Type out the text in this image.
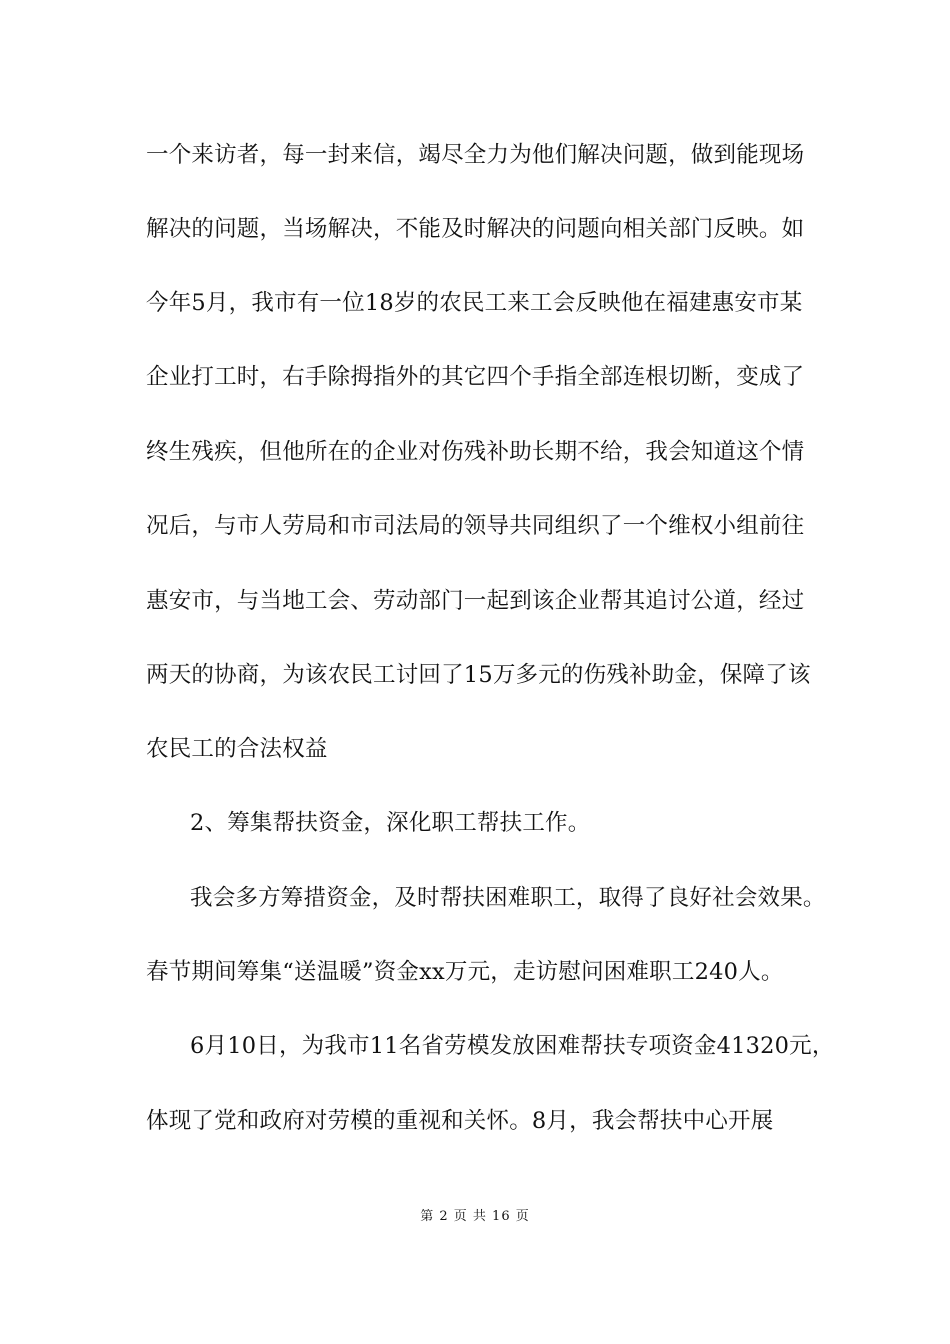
一个来访者，每一封来信，竭尽全力为他们解决问题，做到能现场
解决的问题，当场解决，不能及时解决的问题向相关部门反映。如
今年5月，我市有一位18岁的农民工来工会反映他在福建惠安市某
企业打工时，右手除拇指外的其它四个手指全部连根切断，变成了
终生残疾，但他所在的企业对伤残补助长期不给，我会知道这个情
况后，与市人劳局和市司法局的领导共同组织了一个维权小组前往
惠安市，与当地工会、劳动部门一起到该企业帮其追讨公道，经过
两天的协商，为该农民工讨回了15万多元的伤残补助金，保障了该
农民工的合法权益
2、筹集帮扶资金，深化职工帮扶工作。
我会多方筹措资金，及时帮扶困难职工，取得了良好社会效果。
春节期间筹集“送温暖”资金xx万元，走访慰问困难职工240人。
6月10日，为我市11名省劳模发放困难帮扶专项资金41320元，
体现了党和政府对劳模的重视和关怀。8月，我会帮扶中心开展
第 2 页 共 16 页
